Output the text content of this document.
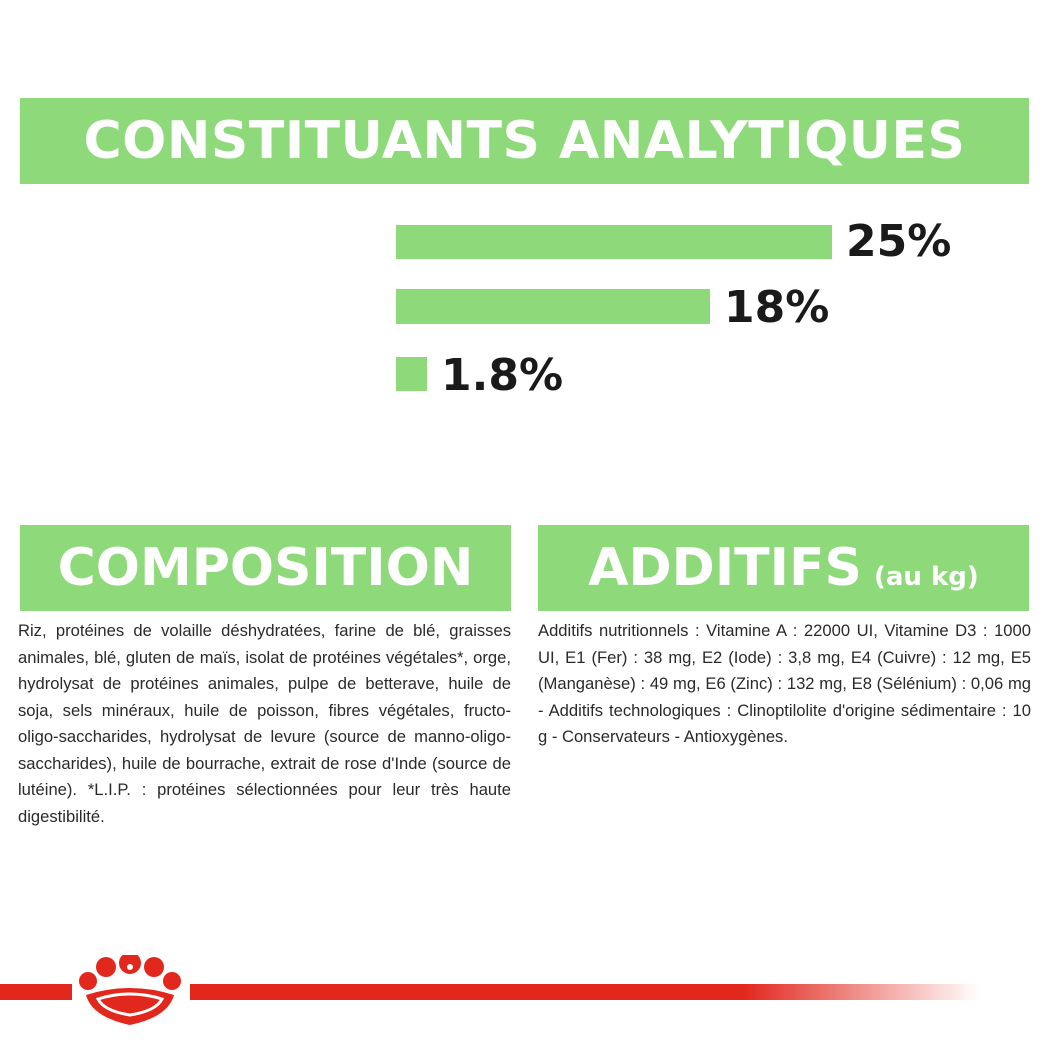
CONSTITUANTS ANALYTIQUES
25%
18%
1.8%
COMPOSITION ADDITIFS (au kg)
Riz, protéines de volaille déshydratées, farine de blé, graisses animales, blé, gluten de maïs, isolat de protéines végétales*, orge, hydrolysat de protéines animales, pulpe de betterave, huile de soja, sels minéraux, huile de poisson, fibres végétales, fructo-oligo-saccharides, hydrolysat de levure (source de manno-oligo-saccharides), huile de bourrache, extrait de rose d'Inde (source de lutéine). *L.I.P. : protéines sélectionnées pour leur très haute digestibilité.
Additifs nutritionnels : Vitamine A : 22000 UI, Vitamine D3 : 1000 UI, E1 (Fer) : 38 mg, E2 (Iode) : 3,8 mg, E4 (Cuivre) : 12 mg, E5 (Manganèse) : 49 mg, E6 (Zinc) : 132 mg, E8 (Sélénium) : 0,06 mg - Additifs technologiques : Clinoptilolite d'origine sédimentaire : 10 g - Conservateurs - Antioxygènes.
